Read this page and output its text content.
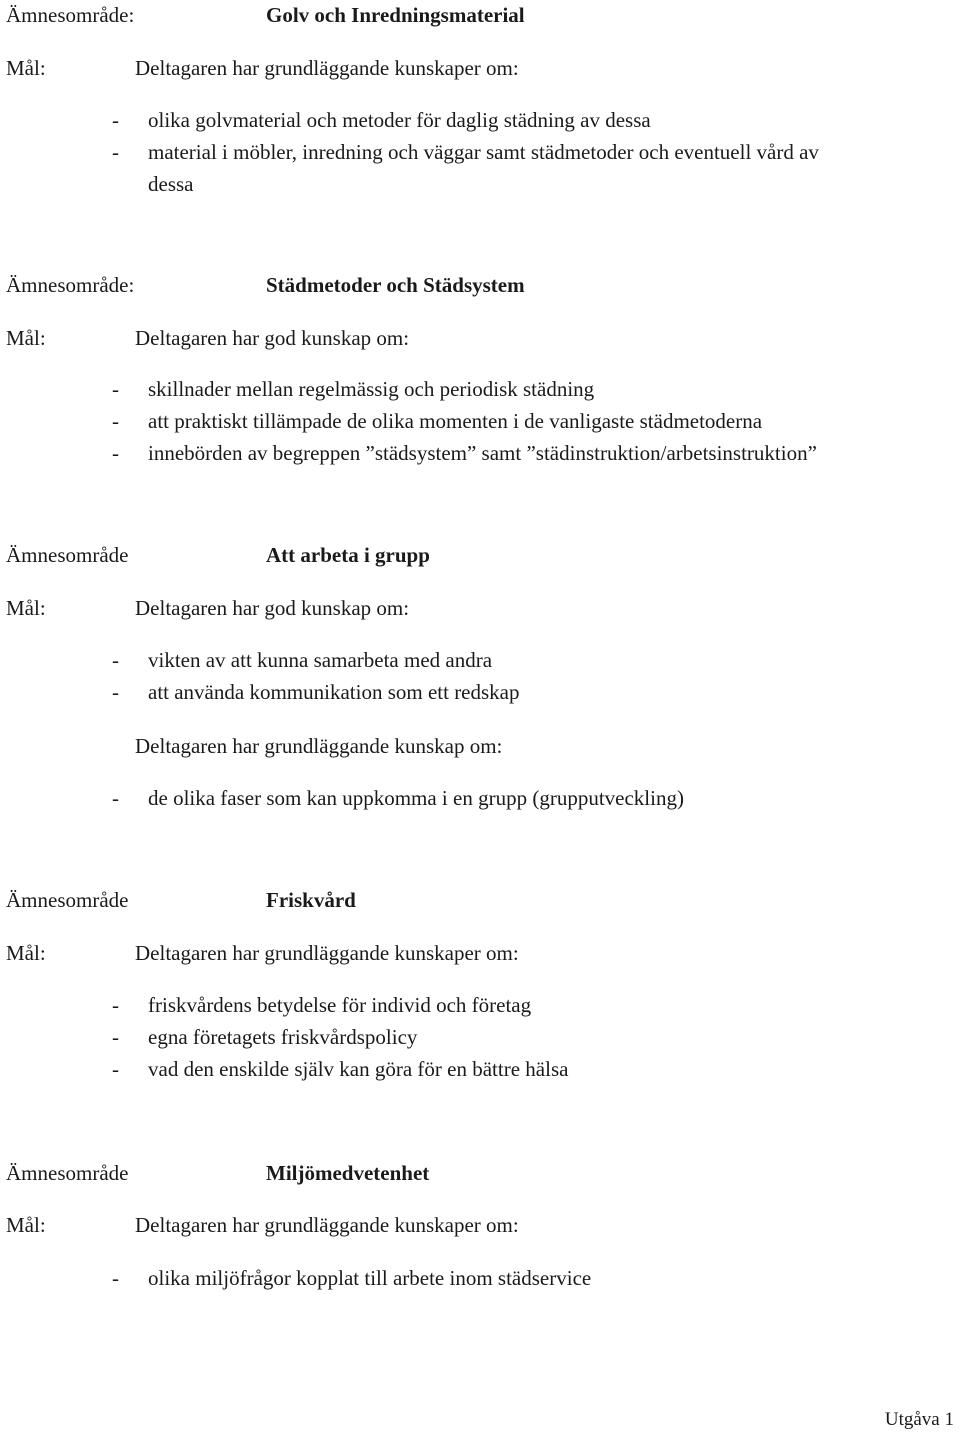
Ämnesområde:	Golv och Inredningsmaterial
Mål:	Deltagaren har grundläggande kunskaper om:
- olika golvmaterial och metoder för daglig städning av dessa
- material i möbler, inredning och väggar samt städmetoder och eventuell vård av
dessa
Ämnesområde:	Städmetoder och Städsystem
Mål:	Deltagaren har god kunskap om:
- skillnader mellan regelmässig och periodisk städning
- att praktiskt tillämpade de olika momenten i de vanligaste städmetoderna
- innebörden av begreppen ”städsystem” samt ”städinstruktion/arbetsinstruktion”
Ämnesområde	Att arbeta i grupp
Mål:	Deltagaren har god kunskap om:
- vikten av att kunna samarbeta med andra
- att använda kommunikation som ett redskap
Deltagaren har grundläggande kunskap om:
- de olika faser som kan uppkomma i en grupp (grupputveckling)
Ämnesområde	Friskvård
Mål:	Deltagaren har grundläggande kunskaper om:
- friskvårdens betydelse för individ och företag
- egna företagets friskvårdspolicy
- vad den enskilde själv kan göra för en bättre hälsa
Ämnesområde	Miljömedvetenhet
Mål:	Deltagaren har grundläggande kunskaper om:
- olika miljöfrågor kopplat till arbete inom städservice
Utgåva 1
